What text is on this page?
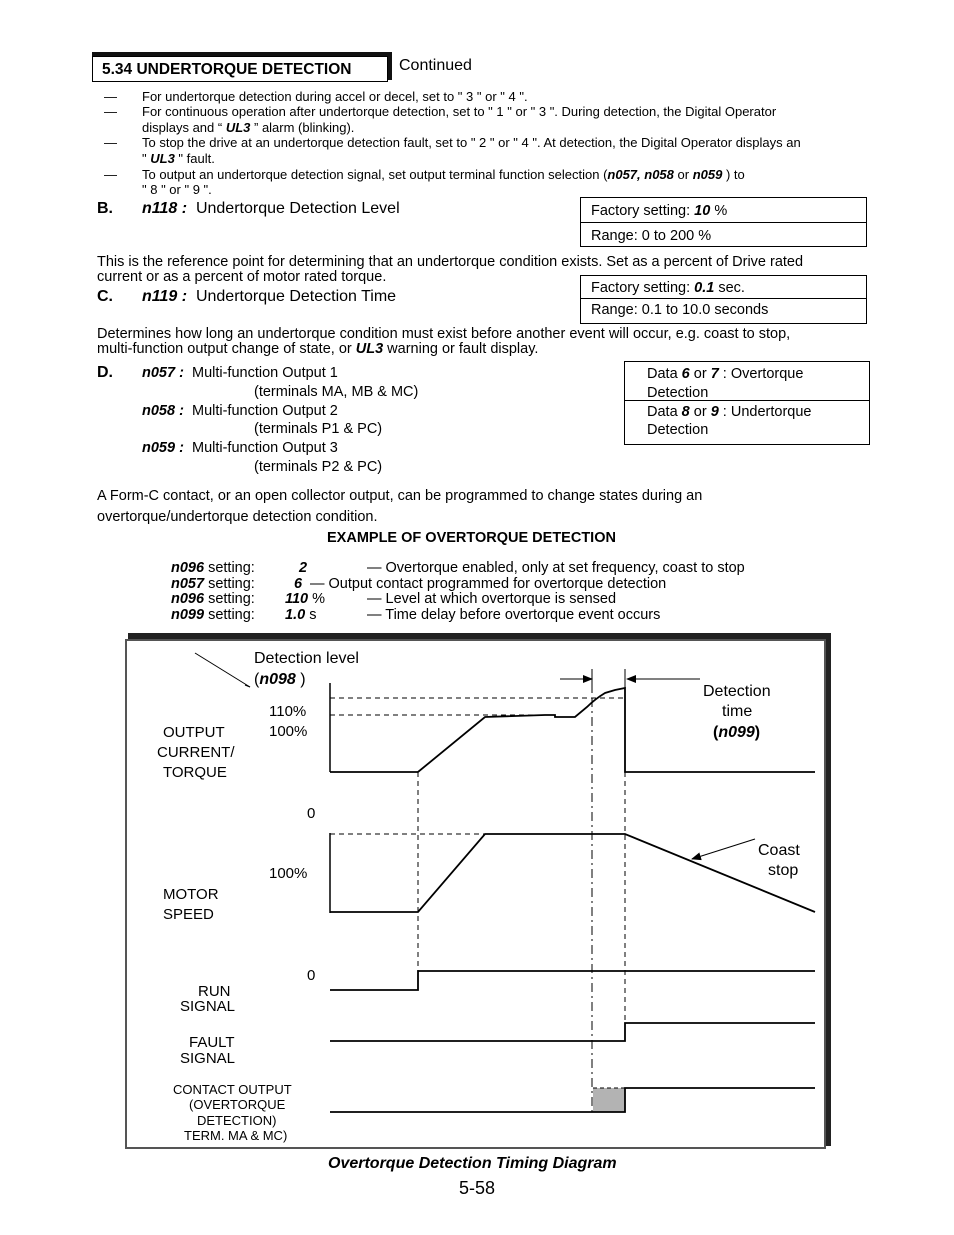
5.34 UNDERTORQUE DETECTION	Continued
— For undertorque detection during accel or decel, set to " 3 " or " 4 ".
— For continuous operation after undertorque detection, set to " 1 " or " 3 ". During detection, the Digital Operator
displays and “ UL3 ” alarm (blinking).
— To stop the drive at an undertorque detection fault, set to " 2 " or " 4 ". At detection, the Digital Operator displays an
" UL3 " fault.
— To output an undertorque detection signal, set output terminal function selection (n057, n058 or n059 ) to
" 8 " or " 9 ".
B. n118 : Undertorque Detection Level	Factory setting: 10 %
Range: 0 to 200 %
This is the reference point for determining that an undertorque condition exists. Set as a percent of Drive rated
current or as a percent of motor rated torque.
C. n119 : Undertorque Detection Time	Factory setting: 0.1 sec.
Range: 0.1 to 10.0 seconds
Determines how long an undertorque condition must exist before another event will occur, e.g. coast to stop,
multi-function output change of state, or UL3 warning or fault display.
D. n057 : Multi-function Output 1
(terminals MA, MB & MC)
n058 : Multi-function Output 2
(terminals P1 & PC)
n059 : Multi-function Output 3
(terminals P2 & PC)
Data 6 or 7 : Overtorque
Detection
Data 8 or 9 : Undertorque
Detection
A Form-C contact, or an open collector output, can be programmed to change states during an
overtorque/undertorque detection condition.
EXAMPLE OF OVERTORQUE DETECTION
n096 setting:	2	— Overtorque enabled, only at set frequency, coast to stop
n057 setting:	6 — Output contact programmed for overtorque detection
n096 setting: 110 %	— Level at which overtorque is sensed
n099 setting: 1.0 s	— Time delay before overtorque event occurs
Detection level
(n098 )
110%
100%
0
100%
0
OUTPUT
CURRENT/
TORQUE
MOTOR
SPEED
RUN
SIGNAL
FAULT
SIGNAL
CONTACT OUTPUT
(OVERTORQUE
DETECTION)
TERM. MA & MC)
Detection
time
(n099)
Coast
stop
Overtorque Detection Timing Diagram
5-58
